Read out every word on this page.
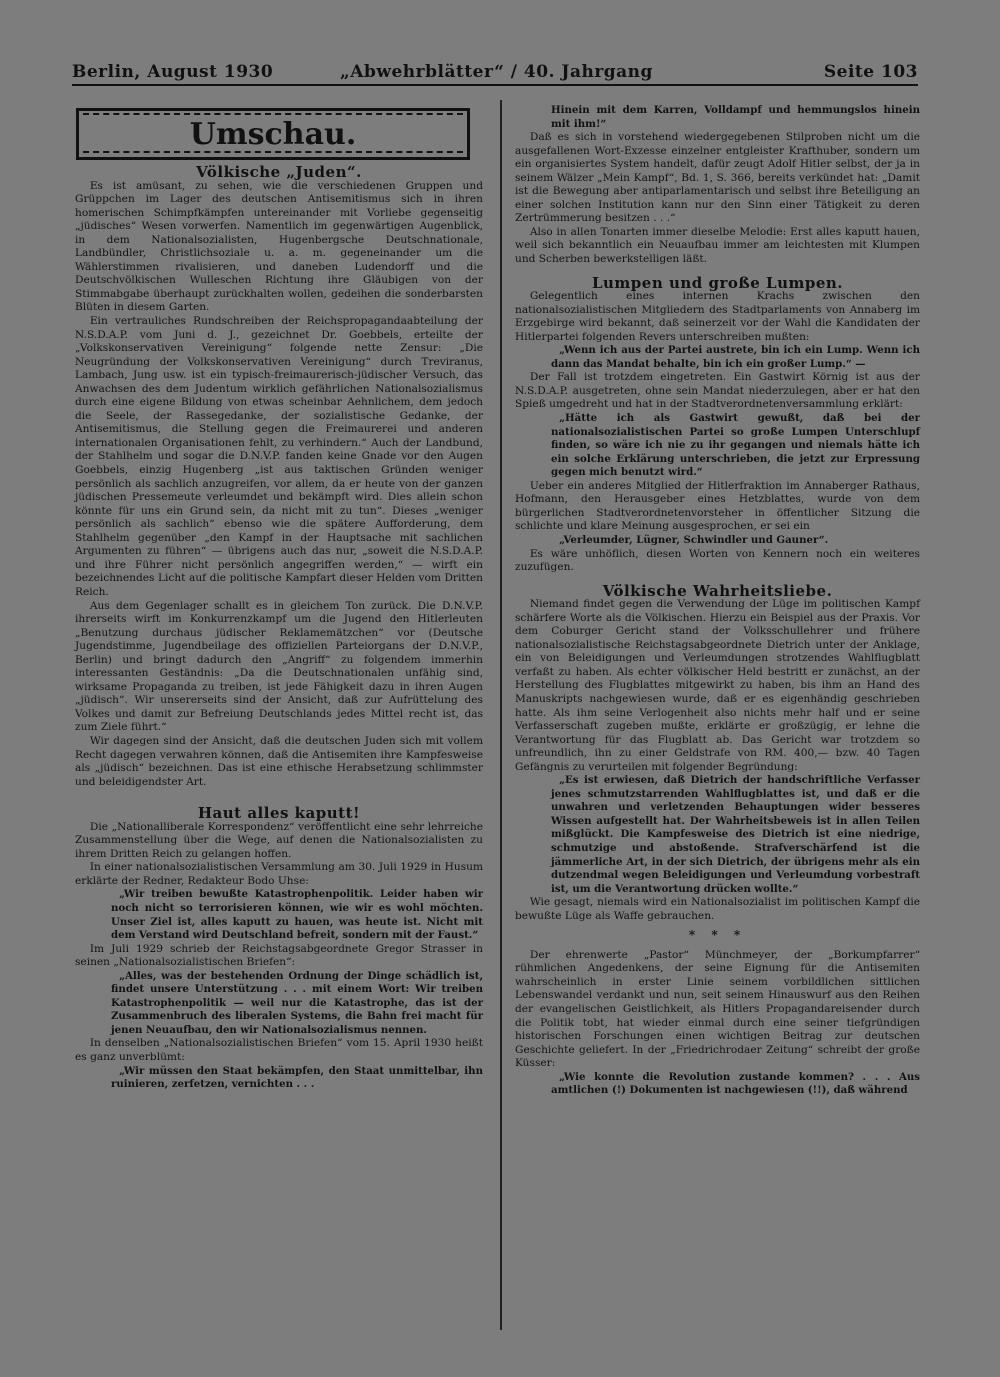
Berlin, August 1930	„Abwehrblätter“ / 40. Jahrgang	Seite 103
Umschau.
Völkische „Juden“.

Es ist amüsant, zu sehen, wie die verschiedenen Gruppen und Grüppchen im Lager des deutschen Antisemitismus sich in ihren homerischen Schimpfkämpfen untereinander mit Vorliebe gegenseitig „jüdisches“ Wesen vorwerfen. Namentlich im gegenwärtigen Augenblick, in dem Nationalsozialisten, Hugenbergsche Deutschnationale, Landbündler, Christlichsoziale u. a. m. gegeneinander um die Wählerstimmen rivalisieren, und daneben Ludendorff und die Deutschvölkischen Wulleschen Richtung ihre Gläubigen von der Stimmabgabe überhaupt zurückhalten wollen, gedeihen die sonderbarsten Blüten in diesem Garten.

Ein vertrauliches Rundschreiben der Reichspropagandaabteilung der N.S.D.A.P. vom Juni d. J., gezeichnet Dr. Goebbels, erteilte der „Volkskonservativen Vereinigung“ folgende nette Zensur: „Die Neugründung der Volkskonservativen Vereinigung“ durch Treviranus, Lambach, Jung usw. ist ein typisch-freimaurerisch-jüdischer Versuch, das Anwachsen des dem Judentum wirklich gefährlichen Nationalsozialismus durch eine eigene Bildung von etwas scheinbar Aehnlichem, dem jedoch die Seele, der Rassegedanke, der sozialistische Gedanke, der Antisemitismus, die Stellung gegen die Freimaurerei und anderen internationalen Organisationen fehlt, zu verhindern.“ Auch der Landbund, der Stahlhelm und sogar die D.N.V.P. fanden keine Gnade vor den Augen Goebbels, einzig Hugenberg „ist aus taktischen Gründen weniger persönlich als sachlich anzugreifen, vor allem, da er heute von der ganzen jüdischen Pressemeute verleumdet und bekämpft wird. Dies allein schon könnte für uns ein Grund sein, da nicht mit zu tun“. Dieses „weniger persönlich als sachlich“ ebenso wie die spätere Aufforderung, dem Stahlhelm gegenüber „den Kampf in der Hauptsache mit sachlichen Argumenten zu führen“ — übrigens auch das nur, „soweit die N.S.D.A.P. und ihre Führer nicht persönlich angegriffen werden,“ — wirft ein bezeichnendes Licht auf die politische Kampfart dieser Helden vom Dritten Reich.

Aus dem Gegenlager schallt es in gleichem Ton zurück. Die D.N.V.P. ihrerseits wirft im Konkurrenzkampf um die Jugend den Hitlerleuten „Benutzung durchaus jüdischer Reklamemätzchen“ vor (Deutsche Jugendstimme, Jugendbeilage des offiziellen Parteiorgans der D.N.V.P., Berlin) und bringt dadurch den „Angriff“ zu folgendem immerhin interessanten Geständnis: „Da die Deutschnationalen unfähig sind, wirksame Propaganda zu treiben, ist jede Fähigkeit dazu in ihren Augen „jüdisch“. Wir unsererseits sind der Ansicht, daß zur Aufrüttelung des Volkes und damit zur Befreiung Deutschlands jedes Mittel recht ist, das zum Ziele führt.“

Wir dagegen sind der Ansicht, daß die deutschen Juden sich mit vollem Recht dagegen verwahren können, daß die Antisemiten ihre Kampfesweise als „jüdisch“ bezeichnen. Das ist eine ethische Herabsetzung schlimmster und beleidigendster Art.

Haut alles kaputt!

Die „Nationalliberale Korrespondenz“ veröffentlicht eine sehr lehrreiche Zusammenstellung über die Wege, auf denen die Nationalsozialisten zu ihrem Dritten Reich zu gelangen hoffen.

In einer nationalsozialistischen Versammlung am 30. Juli 1929 in Husum erklärte der Redner, Redakteur Bodo Uhse:

„Wir treiben bewußte Katastrophenpolitik. Leider haben wir noch nicht so terrorisieren können, wie wir es wohl möchten. Unser Ziel ist, alles kaputt zu hauen, was heute ist. Nicht mit dem Verstand wird Deutschland befreit, sondern mit der Faust.“

Im Juli 1929 schrieb der Reichstagsabgeordnete Gregor Strasser in seinen „Nationalsozialistischen Briefen“:

„Alles, was der bestehenden Ordnung der Dinge schädlich ist, findet unsere Unterstützung . . . mit einem Wort: Wir treiben Katastrophenpolitik — weil nur die Katastrophe, das ist der Zusammenbruch des liberalen Systems, die Bahn frei macht für jenen Neuaufbau, den wir Nationalsozialismus nennen.

In denselben „Nationalsozialistischen Briefen“ vom 15. April 1930 heißt es ganz unverblümt:

„Wir müssen den Staat bekämpfen, den Staat unmittelbar, ihn ruinieren, zerfetzen, vernichten . . .

Hinein mit dem Karren, Volldampf und hemmungslos hinein mit ihm!“

Daß es sich in vorstehend wiedergegebenen Stilproben nicht um die ausgefallenen Wort-Exzesse einzelner entgleister Krafthuber, sondern um ein organisiertes System handelt, dafür zeugt Adolf Hitler selbst, der ja in seinem Wälzer „Mein Kampf“, Bd. 1, S. 366, bereits verkündet hat: „Damit ist die Bewegung aber antiparlamentarisch und selbst ihre Beteiligung an einer solchen Institution kann nur den Sinn einer Tätigkeit zu deren Zertrümmerung besitzen . . .“

Also in allen Tonarten immer dieselbe Melodie: Erst alles kaputt hauen, weil sich bekanntlich ein Neuaufbau immer am leichtesten mit Klumpen und Scherben bewerkstelligen läßt.

Lumpen und große Lumpen.

Gelegentlich eines internen Krachs zwischen den nationalsozialistischen Mitgliedern des Stadtparlaments von Annaberg im Erzgebirge wird bekannt, daß seinerzeit vor der Wahl die Kandidaten der Hitlerpartei folgenden Revers unterschreiben mußten:

„Wenn ich aus der Partei austrete, bin ich ein Lump. Wenn ich dann das Mandat behalte, bin ich ein großer Lump.“ —

Der Fall ist trotzdem eingetreten. Ein Gastwirt Körnig ist aus der N.S.D.A.P. ausgetreten, ohne sein Mandat niederzulegen, aber er hat den Spieß umgedreht und hat in der Stadtverordnetenversammlung erklärt:

„Hätte ich als Gastwirt gewußt, daß bei der nationalsozialistischen Partei so große Lumpen Unterschlupf finden, so wäre ich nie zu ihr gegangen und niemals hätte ich ein solche Erklärung unterschrieben, die jetzt zur Erpressung gegen mich benutzt wird.“

Ueber ein anderes Mitglied der Hitlerfraktion im Annaberger Rathaus, Hofmann, den Herausgeber eines Hetzblattes, wurde von dem bürgerlichen Stadtverordnetenvorsteher in öffentlicher Sitzung die schlichte und klare Meinung ausgesprochen, er sei ein

„Verleumder, Lügner, Schwindler und Gauner“.

Es wäre unhöflich, diesen Worten von Kennern noch ein weiteres zuzufügen.

Völkische Wahrheitsliebe.

Niemand findet gegen die Verwendung der Lüge im politischen Kampf schärfere Worte als die Völkischen. Hierzu ein Beispiel aus der Praxis. Vor dem Coburger Gericht stand der Volksschullehrer und frühere nationalsozialistische Reichstagsabgeordnete Dietrich unter der Anklage, ein von Beleidigungen und Verleumdungen strotzendes Wahlflugblatt verfaßt zu haben. Als echter völkischer Held bestritt er zunächst, an der Herstellung des Flugblattes mitgewirkt zu haben, bis ihm an Hand des Manuskripts nachgewiesen wurde, daß er es eigenhändig geschrieben hatte. Als ihm seine Verlogenheit also nichts mehr half und er seine Verfasserschaft zugeben mußte, erklärte er großzügig, er lehne die Verantwortung für das Flugblatt ab. Das Gericht war trotzdem so unfreundlich, ihn zu einer Geldstrafe von RM. 400,— bzw. 40 Tagen Gefängnis zu verurteilen mit folgender Begründung:

„Es ist erwiesen, daß Dietrich der handschriftliche Verfasser jenes schmutzstarrenden Wahlflugblattes ist, und daß er die unwahren und verletzenden Behauptungen wider besseres Wissen aufgestellt hat. Der Wahrheitsbeweis ist in allen Teilen mißglückt. Die Kampfesweise des Dietrich ist eine niedrige, schmutzige und abstoßende. Strafverschärfend ist die jämmerliche Art, in der sich Dietrich, der übrigens mehr als ein dutzendmal wegen Beleidigungen und Verleumdung vorbestraft ist, um die Verantwortung drücken wollte.“

Wie gesagt, niemals wird ein Nationalsozialist im politischen Kampf die bewußte Lüge als Waffe gebrauchen.

* * *

Der ehrenwerte „Pastor“ Münchmeyer, der „Borkumpfarrer“ rühmlichen Angedenkens, der seine Eignung für die Antisemiten wahrscheinlich in erster Linie seinem vorbildlichen sittlichen Lebenswandel verdankt und nun, seit seinem Hinauswurf aus den Reihen der evangelischen Geistlichkeit, als Hitlers Propagandareisender durch die Politik tobt, hat wieder einmal durch eine seiner tiefgründigen historischen Forschungen einen wichtigen Beitrag zur deutschen Geschichte geliefert. In der „Friedrichrodaer Zeitung“ schreibt der große Küsser:

„Wie konnte die Revolution zustande kommen? . . . Aus amtlichen (!) Dokumenten ist nachgewiesen (!!), daß während
